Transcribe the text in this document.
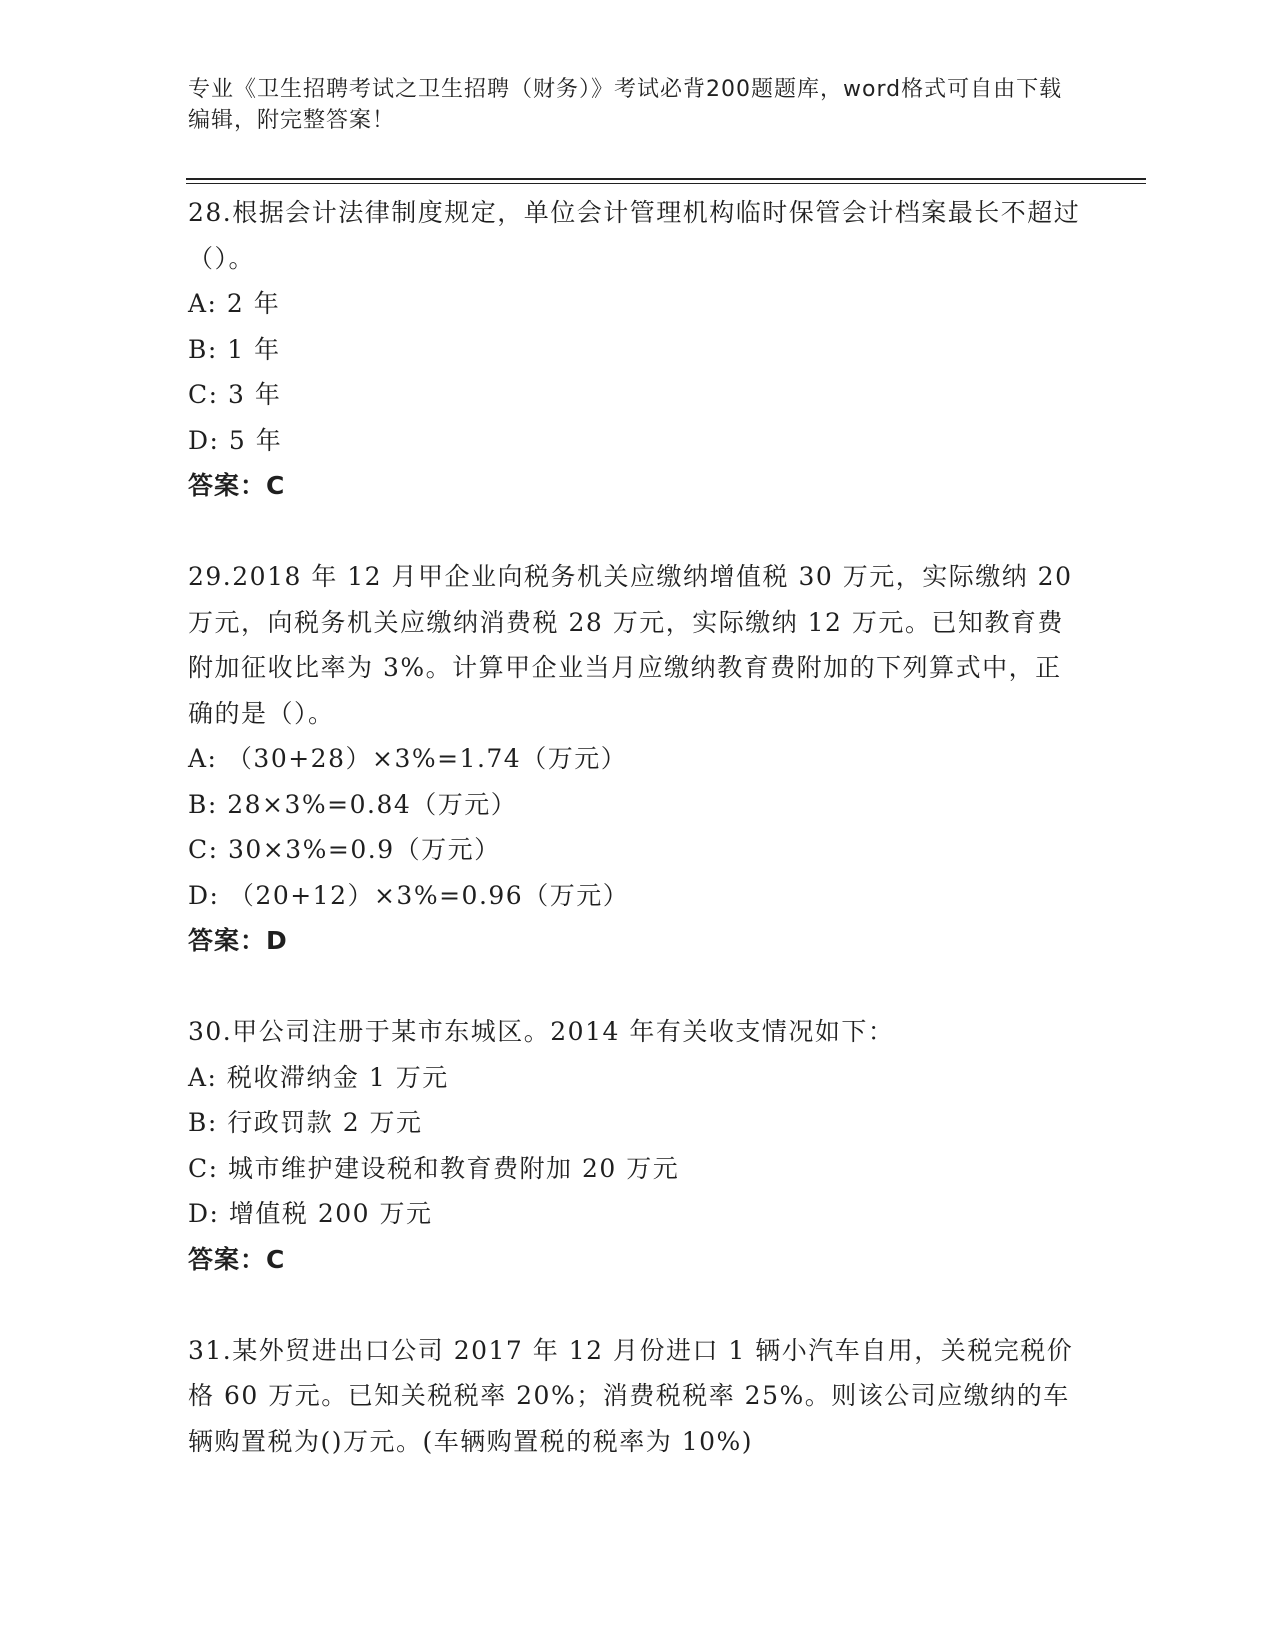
专业《卫生招聘考试之卫生招聘（财务）》考试必背200题题库，word格式可自由下载编辑，附完整答案！

28.根据会计法律制度规定，单位会计管理机构临时保管会计档案最长不超过（）。

A: 2 年

B: 1 年

C: 3 年

D: 5 年

答案：C

29.2018 年 12 月甲企业向税务机关应缴纳增值税 30 万元，实际缴纳 20 万元，向税务机关应缴纳消费税 28 万元，实际缴纳 12 万元。已知教育费附加征收比率为 3%。计算甲企业当月应缴纳教育费附加的下列算式中，正确的是（）。

A: （30+28）×3%=1.74（万元）

B: 28×3%=0.84（万元）

C: 30×3%=0.9（万元）

D: （20+12）×3%=0.96（万元）

答案：D

30.甲公司注册于某市东城区。2014 年有关收支情况如下：

A: 税收滞纳金 1 万元

B: 行政罚款 2 万元

C: 城市维护建设税和教育费附加 20 万元

D: 增值税 200 万元

答案：C

31.某外贸进出口公司 2017 年 12 月份进口 1 辆小汽车自用，关税完税价格 60 万元。已知关税税率 20%；消费税税率 25%。则该公司应缴纳的车辆购置税为()万元。(车辆购置税的税率为 10%)
